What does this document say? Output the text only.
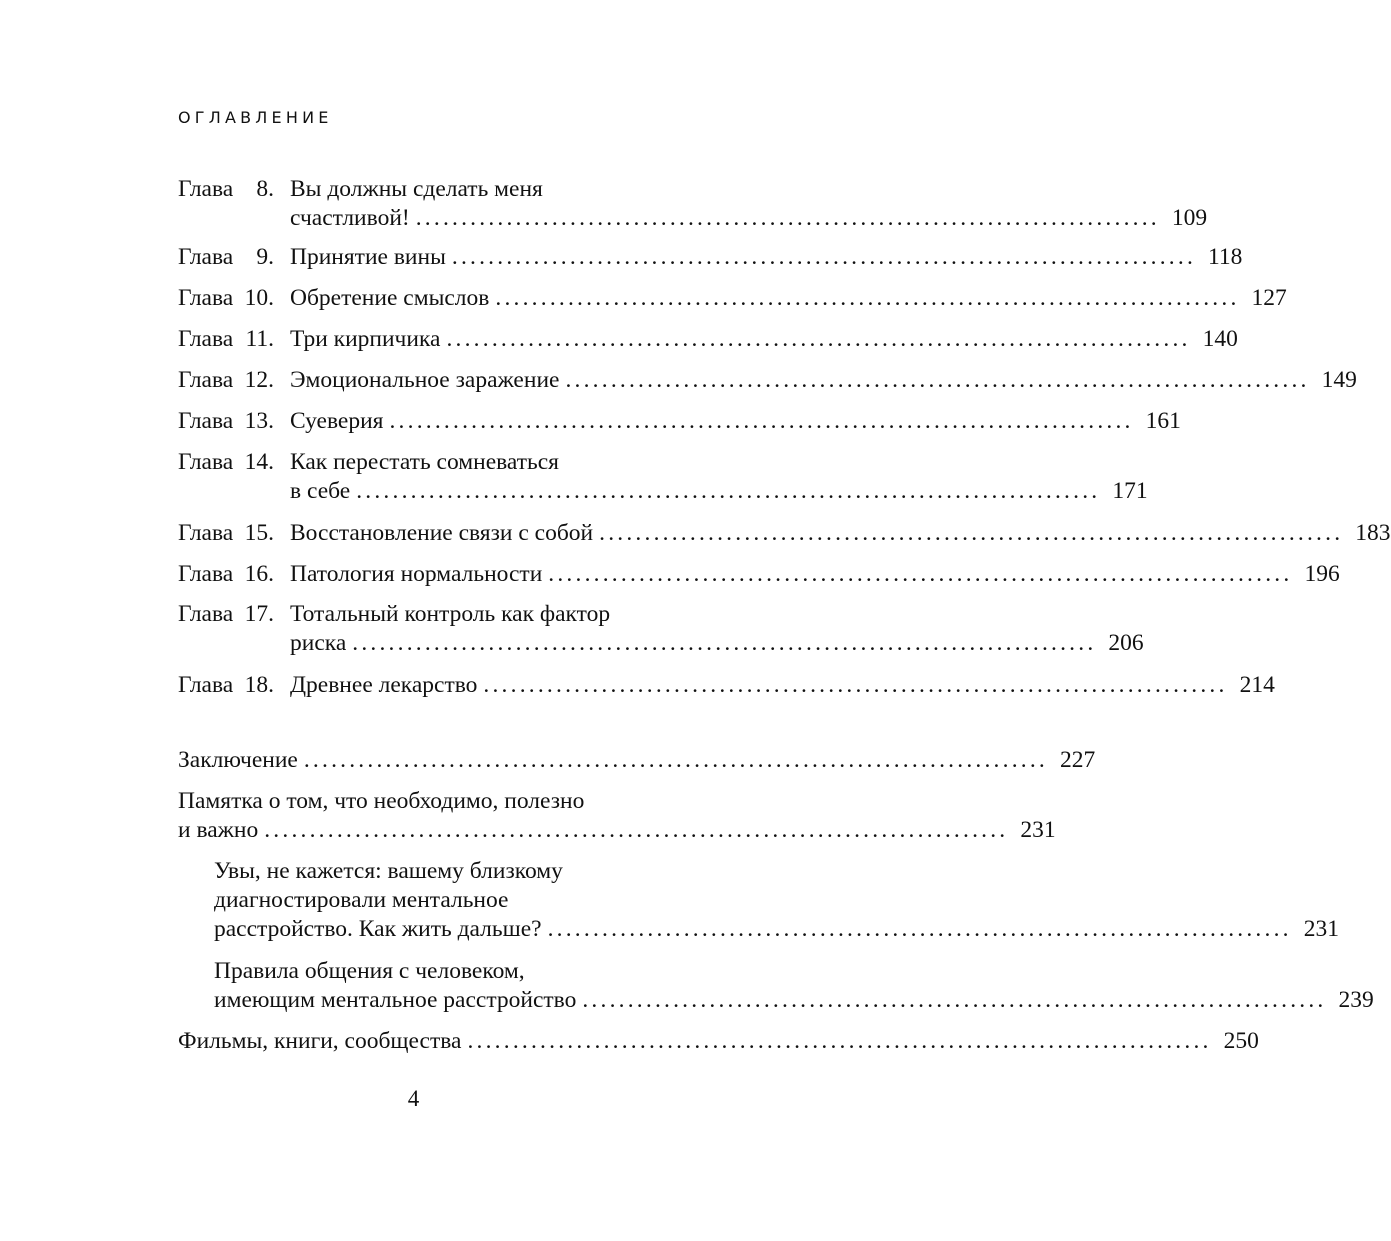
ОГЛАВЛЕНИЕ
Глава 8. Вы должны сделать меня
счастливой! .................................................................................. 109
Глава 9. Принятие вины .................................................................................. 118
Глава 10. Обретение смыслов .................................................................................. 127
Глава 11. Три кирпичика .................................................................................. 140
Глава 12. Эмоциональное заражение .................................................................................. 149
Глава 13. Суеверия .................................................................................. 161
Глава 14. Как перестать сомневаться
в себе .................................................................................. 171
Глава 15. Восстановление связи с собой .................................................................................. 183
Глава 16. Патология нормальности .................................................................................. 196
Глава 17. Тотальный контроль как фактор
риска .................................................................................. 206
Глава 18. Древнее лекарство .................................................................................. 214
Заключение .................................................................................. 227
Памятка о том, что необходимо, полезно
и важно .................................................................................. 231
Увы, не кажется: вашему близкому
диагностировали ментальное
расстройство. Как жить дальше? .................................................................................. 231
Правила общения с человеком,
имеющим ментальное расстройство .................................................................................. 239
Фильмы, книги, сообщества .................................................................................. 250
4
